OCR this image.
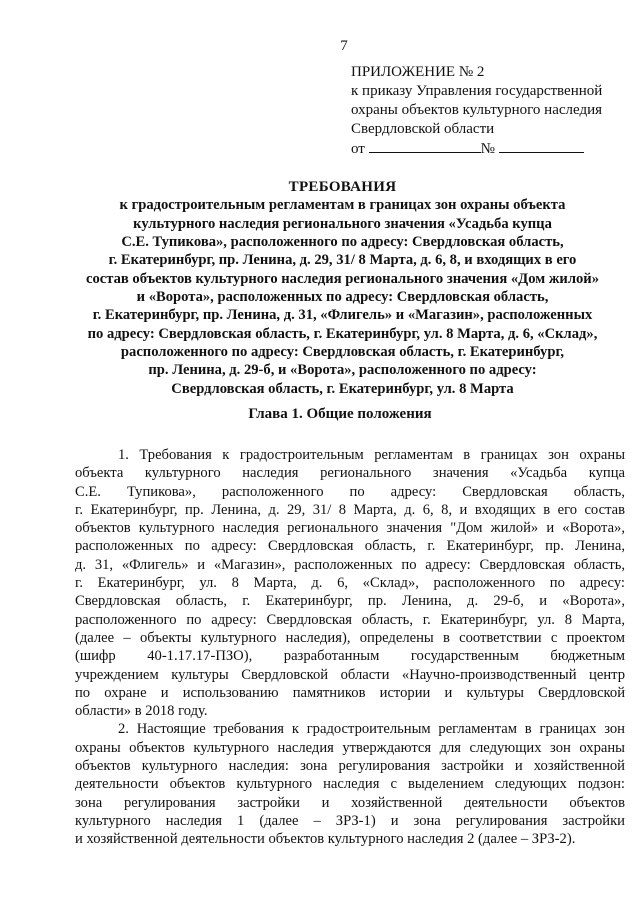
7
ПРИЛОЖЕНИЕ № 2
к приказу Управления государственной
охраны объектов культурного наследия
Свердловской области
от	№
ТРЕБОВАНИЯ
к градостроительным регламентам в границах зон охраны объекта
культурного наследия регионального значения «Усадьба купца
С.Е. Тупикова», расположенного по адресу: Свердловская область,
г. Екатеринбург, пр. Ленина, д. 29, 31/ 8 Марта, д. 6, 8, и входящих в его
состав объектов культурного наследия регионального значения «Дом жилой»
и «Ворота», расположенных по адресу: Свердловская область,
г. Екатеринбург, пр. Ленина, д. 31, «Флигель» и «Магазин», расположенных
по адресу: Свердловская область, г. Екатеринбург, ул. 8 Марта, д. 6, «Склад»,
расположенного по адресу: Свердловская область, г. Екатеринбург,
пр. Ленина, д. 29-б, и «Ворота», расположенного по адресу:
Свердловская область, г. Екатеринбург, ул. 8 Марта
Глава 1. Общие положения
1. Требования к градостроительным регламентам в границах зон охраны
объекта культурного наследия регионального значения «Усадьба купца
С.Е. Тупикова», расположенного по адресу: Свердловская область,
г. Екатеринбург, пр. Ленина, д. 29, 31/ 8 Марта, д. 6, 8, и входящих в его состав
объектов культурного наследия регионального значения "Дом жилой» и «Ворота»,
расположенных по адресу: Свердловская область, г. Екатеринбург, пр. Ленина,
д. 31, «Флигель» и «Магазин», расположенных по адресу: Свердловская область,
г. Екатеринбург, ул. 8 Марта, д. 6, «Склад», расположенного по адресу:
Свердловская область, г. Екатеринбург, пр. Ленина, д. 29-б, и «Ворота»,
расположенного по адресу: Свердловская область, г. Екатеринбург, ул. 8 Марта,
(далее – объекты культурного наследия), определены в соответствии с проектом
(шифр 40-1.17.17-ПЗО), разработанным государственным бюджетным
учреждением культуры Свердловской области «Научно-производственный центр
по охране и использованию памятников истории и культуры Свердловской
области» в 2018 году.
2. Настоящие требования к градостроительным регламентам в границах зон
охраны объектов культурного наследия утверждаются для следующих зон охраны
объектов культурного наследия: зона регулирования застройки и хозяйственной
деятельности объектов культурного наследия с выделением следующих подзон:
зона регулирования застройки и хозяйственной деятельности объектов
культурного наследия 1 (далее – ЗРЗ-1) и зона регулирования застройки
и хозяйственной деятельности объектов культурного наследия 2 (далее – ЗРЗ-2).
